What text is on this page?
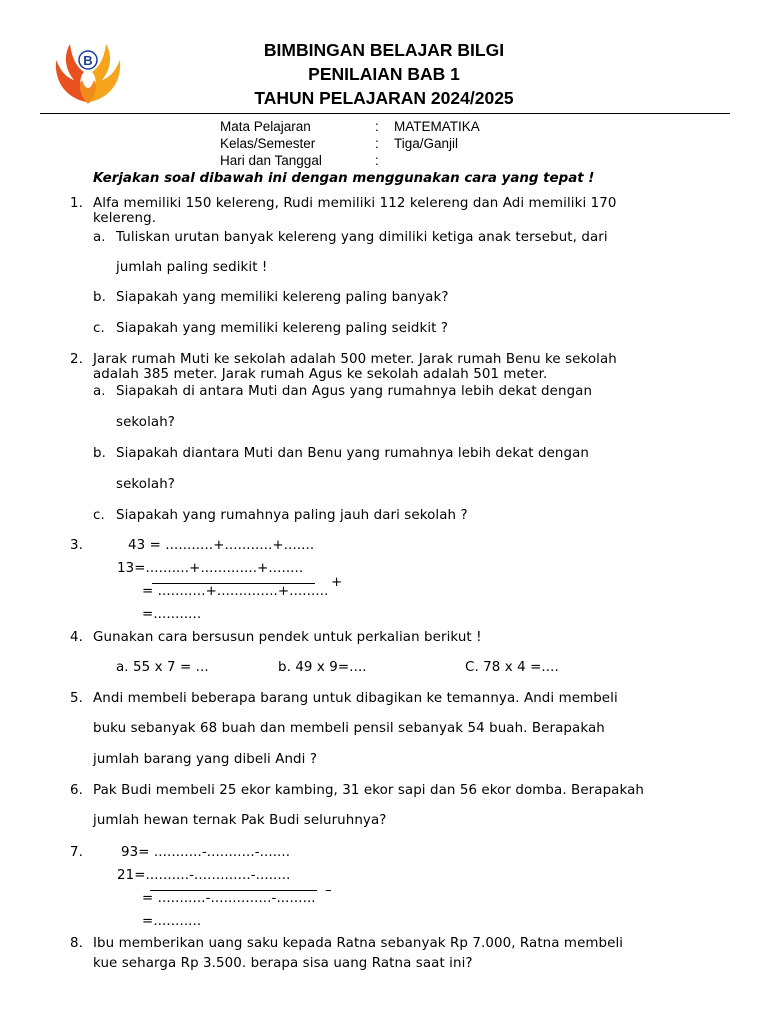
B
BIMBINGAN BELAJAR BILGI
PENILAIAN BAB 1
TAHUN PELAJARAN 2024/2025
Mata Pelajaran	: MATEMATIKA
Kelas/Semester	: Tiga/Ganjil
Hari dan Tanggal	:
Kerjakan soal dibawah ini dengan menggunakan cara yang tepat !
1. Alfa memiliki 150 kelereng, Rudi memiliki 112 kelereng dan Adi memiliki 170
kelereng.
a. Tuliskan urutan banyak kelereng yang dimiliki ketiga anak tersebut, dari
jumlah paling sedikit !
b. Siapakah yang memiliki kelereng paling banyak?
c. Siapakah yang memiliki kelereng paling seidkit ?
2. Jarak rumah Muti ke sekolah adalah 500 meter. Jarak rumah Benu ke sekolah
adalah 385 meter. Jarak rumah Agus ke sekolah adalah 501 meter.
a. Siapakah di antara Muti dan Agus yang rumahnya lebih dekat dengan
sekolah?
b. Siapakah diantara Muti dan Benu yang rumahnya lebih dekat dengan
sekolah?
c. Siapakah yang rumahnya paling jauh dari sekolah ?
3.	43 = ...........+...........+.......
13=..........+.............+........
+
= ...........+..............+.........
=...........
4. Gunakan cara bersusun pendek untuk perkalian berikut !
a. 55 x 7 = ...	b. 49 x 9=....	C. 78 x 4 =....
5. Andi membeli beberapa barang untuk dibagikan ke temannya. Andi membeli
buku sebanyak 68 buah dan membeli pensil sebanyak 54 buah. Berapakah
jumlah barang yang dibeli Andi ?
6. Pak Budi membeli 25 ekor kambing, 31 ekor sapi dan 56 ekor domba. Berapakah
jumlah hewan ternak Pak Budi seluruhnya?
7.	93= ...........-...........-.......
21=..........-.............-........
–
= ...........-..............-.........
=...........
8. Ibu memberikan uang saku kepada Ratna sebanyak Rp 7.000, Ratna membeli
kue seharga Rp 3.500. berapa sisa uang Ratna saat ini?
